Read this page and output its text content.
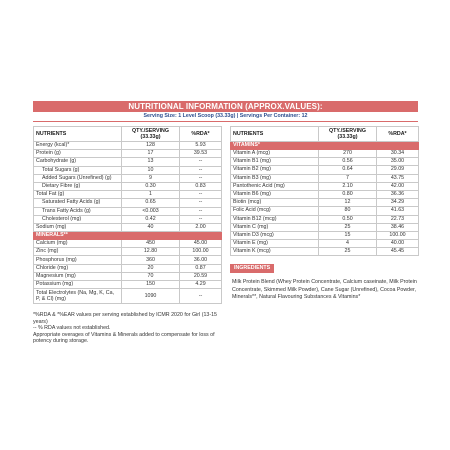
NUTRITIONAL INFORMATION (APPROX.VALUES):
Serving Size: 1 Level Scoop (33.33g) | Servings Per Container: 12
NUTRIENTS	QTY./SERVING (33.33g)	%RDA*
Energy (kcal)*	128	5.93
Protein (g)	17	39.53
Carbohydrate (g)	13	--
Total Sugars (g)	10	--
Added Sugars (Unrefined) (g)	9	--
Dietary Fibre (g)	0.30	0.83
Total Fat (g)	1	--
Saturated Fatty Acids (g)	0.65	--
Trans Fatty Acids (g)	<0.003	--
Cholesterol (mg)	0.42	--
Sodium (mg)	40	2.00
MINERALS**		
Calcium (mg)	450	45.00
Zinc (mg)	12.80	100.00
Phosphorus (mg)	360	36.00
Chloride (mg)	20	0.87
Magnesium (mg)	70	20.59
Potassium (mg)	150	4.29
Total Electrolytes (Na, Mg, K, Ca, P, & Cl) (mg)	1090	--
*%RDA & *%EAR values per serving established by ICMR 2020 for Girl (13-15 years)
-- % RDA values not established.
Appropriate overages of Vitamins & Minerals added to compensate for loss of potency during storage.
NUTRIENTS	QTY./SERVING (33.33g)	%RDA*
VITAMINS*		
Vitamin A (mcg)	270	30.34
Vitamin B1 (mg)	0.56	35.00
Vitamin B2 (mg)	0.64	29.09
Vitamin B3 (mg)	7	43.75
Pantothenic Acid (mg)	2.10	42.00
Vitamin B6 (mg)	0.80	36.36
Biotin (mcg)	12	34.29
Folic Acid (mcg)	80	41.63
Vitamin B12 (mcg)	0.50	22.73
Vitamin C (mg)	25	38.46
Vitamin D3 (mcg)	15	100.00
Vitamin E (mg)	4	40.00
Vitamin K (mcg)	25	45.45
INGREDIENTS
Milk Protein Blend (Whey Protein Concentrate, Calcium caseinate, Milk Protein Concentrate, Skimmed Milk Powder), Cane Sugar (Unrefined), Cocoa Powder, Minerals**, Natural Flavouring Substances & Vitamins*
